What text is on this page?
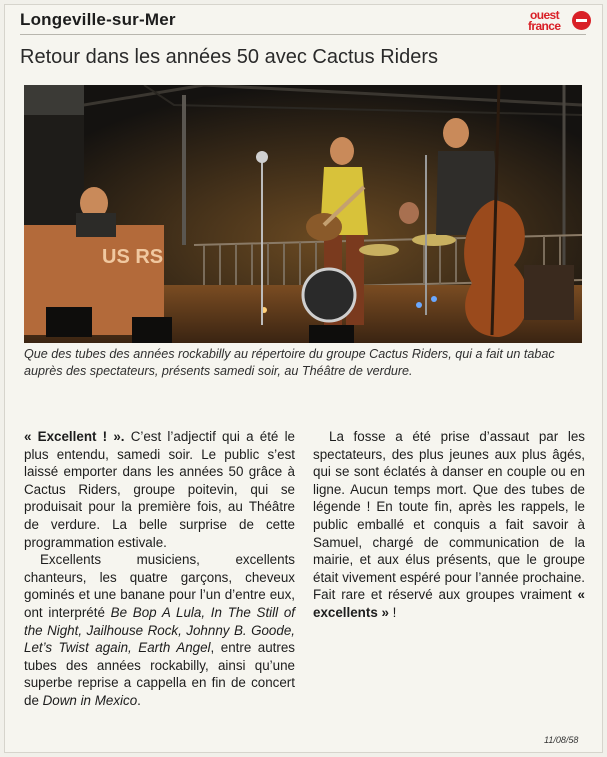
Longeville-sur-Mer	ouest
france
Retour dans les années 50 avec Cactus Riders
US RS
Que des tubes des années rockabilly au répertoire du groupe Cactus Riders, qui a fait un tabac auprès des spectateurs, présents samedi soir, au Théâtre de verdure.

« Excellent ! ». C’est l’adjectif qui a été le plus entendu, samedi soir. Le public s’est laissé emporter dans les années 50 grâce à Cactus Riders, groupe poitevin, qui se produisait pour la première fois, au Théâtre de verdure. La belle surprise de cette programmation estivale.

Excellents musiciens, excellents chanteurs, les quatre garçons, cheveux gominés et une banane pour l’un d’entre eux, ont interprété Be Bop A Lula, In The Still of the Night, Jailhouse Rock, Johnny B. Goode, Let’s Twist again, Earth Angel, entre autres tubes des années rockabilly, ainsi qu’une superbe reprise a cappella en fin de concert de Down in Mexico.

La fosse a été prise d’assaut par les spectateurs, des plus jeunes aux plus âgés, qui se sont éclatés à danser en couple ou en ligne. Aucun temps mort. Que des tubes de légende ! En toute fin, après les rappels, le public emballé et conquis a fait savoir à Samuel, chargé de communication de la mairie, et aux élus présents, que le groupe était vivement espéré pour l’année prochaine. Fait rare et réservé aux groupes vraiment « excellents » !

11/08/58
